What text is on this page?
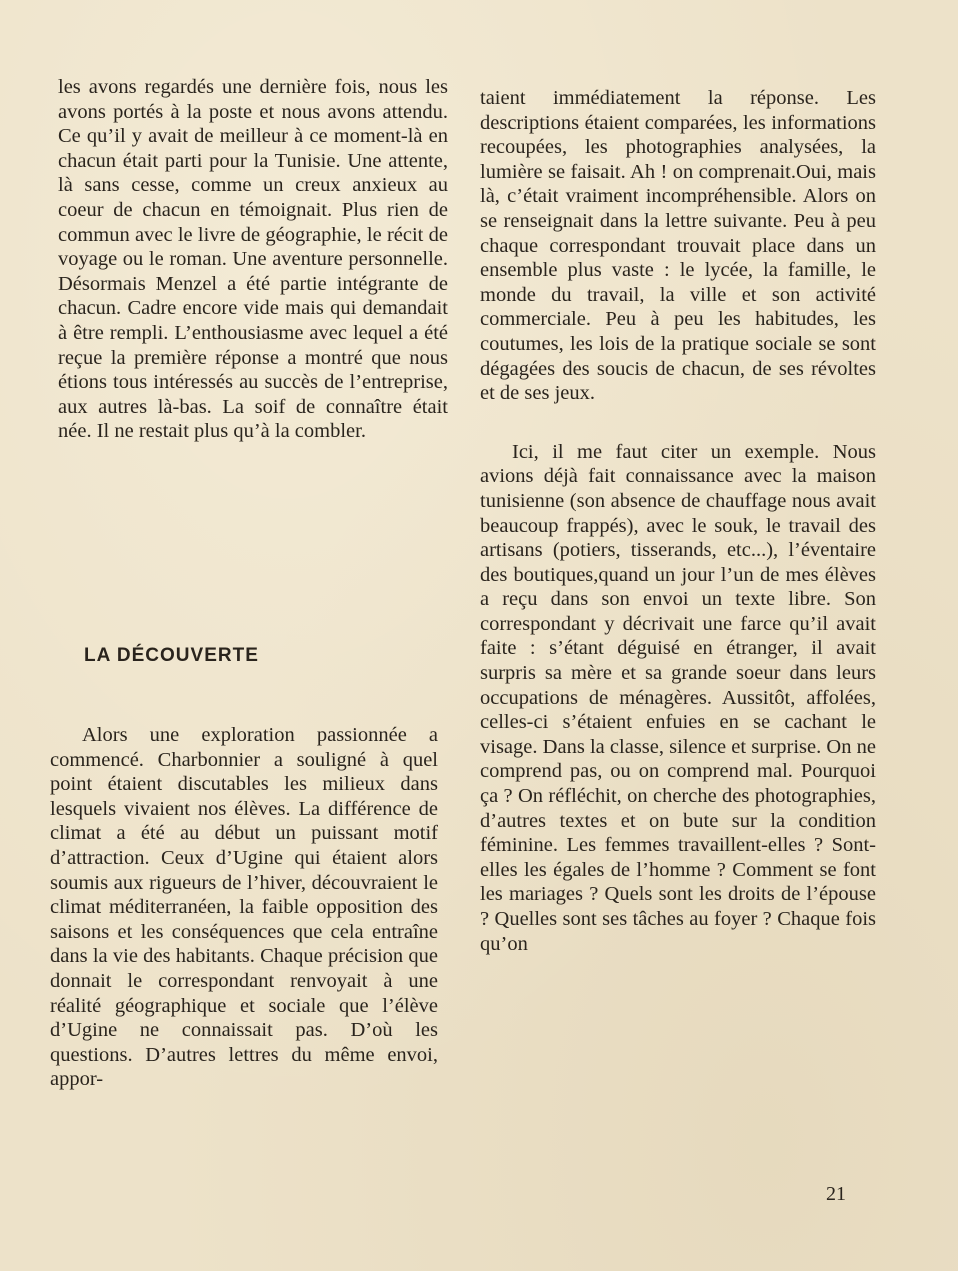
les avons regardés une dernière fois, nous les avons portés à la poste et nous avons attendu. Ce qu’il y avait de meilleur à ce moment-là en chacun était parti pour la Tunisie. Une attente, là sans cesse, comme un creux anxieux au coeur de chacun en témoignait. Plus rien de commun avec le livre de géographie, le récit de voyage ou le roman. Une aventure personnelle. Désormais Menzel a été partie intégrante de chacun. Cadre encore vide mais qui demandait à être rempli. L’enthousiasme avec lequel a été reçue la première réponse a montré que nous étions tous intéressés au succès de l’entreprise, aux autres là-bas. La soif de connaître était née. Il ne restait plus qu’à la combler.

LA DÉCOUVERTE

Alors une exploration passionnée a commencé. Charbonnier a souligné à quel point étaient discutables les milieux dans lesquels vivaient nos élèves. La différence de climat a été au début un puissant motif d’attraction. Ceux d’Ugine qui étaient alors soumis aux rigueurs de l’hiver, découvraient le climat méditerranéen, la faible opposition des saisons et les conséquences que cela entraîne dans la vie des habitants. Chaque précision que donnait le correspondant renvoyait à une réalité géographique et sociale que l’élève d’Ugine ne connaissait pas. D’où les questions. D’autres lettres du même envoi, appor-

taient immédiatement la réponse. Les descriptions étaient comparées, les informations recoupées, les photographies analysées, la lumière se faisait. Ah ! on comprenait.Oui, mais là, c’était vraiment incompréhensible. Alors on se renseignait dans la lettre suivante. Peu à peu chaque correspondant trouvait place dans un ensemble plus vaste : le lycée, la famille, le monde du travail, la ville et son activité commerciale. Peu à peu les habitudes, les coutumes, les lois de la pratique sociale se sont dégagées des soucis de chacun, de ses révoltes et de ses jeux.

Ici, il me faut citer un exemple. Nous avions déjà fait connaissance avec la maison tunisienne (son absence de chauffage nous avait beaucoup frappés), avec le souk, le travail des artisans (potiers, tisserands, etc...), l’éventaire des boutiques,quand un jour l’un de mes élèves a reçu dans son envoi un texte libre. Son correspondant y décrivait une farce qu’il avait faite : s’étant déguisé en étranger, il avait surpris sa mère et sa grande soeur dans leurs occupations de ménagères. Aussitôt, affolées, celles-ci s’étaient enfuies en se cachant le visage. Dans la classe, silence et surprise. On ne comprend pas, ou on comprend mal. Pourquoi ça ? On réfléchit, on cherche des photographies, d’autres textes et on bute sur la condition féminine. Les femmes travaillent-elles ? Sont-elles les égales de l’homme ? Comment se font les mariages ? Quels sont les droits de l’épouse ? Quelles sont ses tâches au foyer ? Chaque fois qu’on

21
